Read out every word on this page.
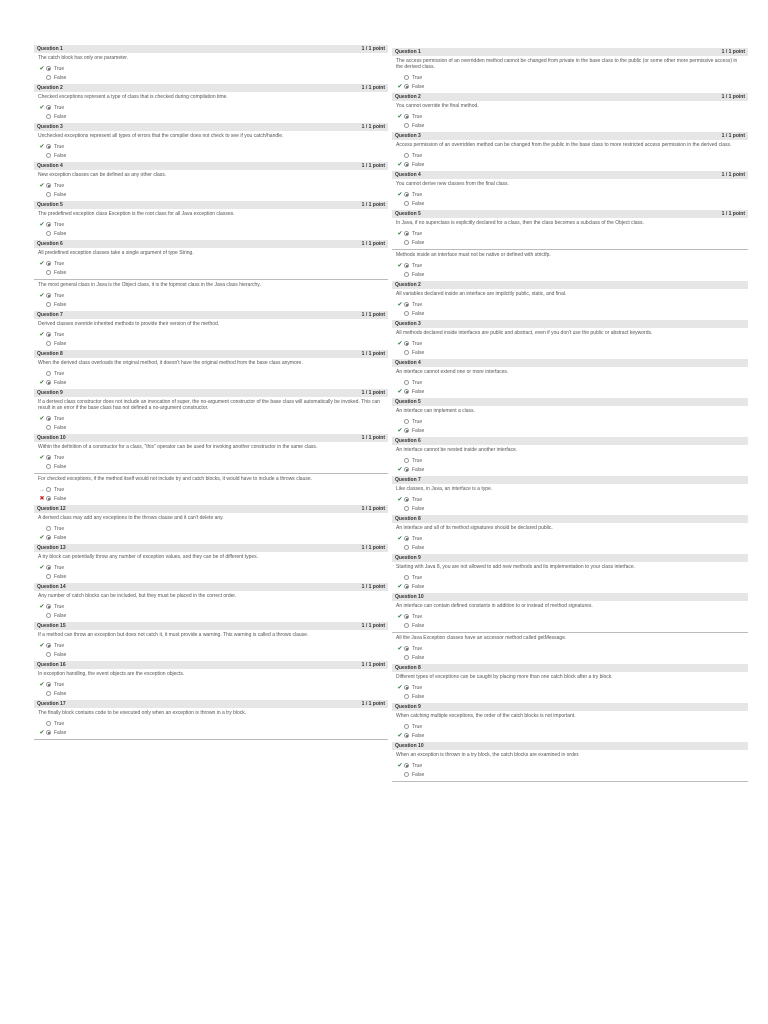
Question 1	1 / 1 point
The catch block has only one parameter.
✔ True
False
Question 2	1 / 1 point
Checked exceptions represent a type of class that is checked during compilation time.
✔ True
False
Question 3	1 / 1 point
Unchecked exceptions represent all types of errors that the compiler does not check to see if you catch/handle.
✔ True
False
Question 4	1 / 1 point
New exception classes can be defined as any other class.
✔ True
False
Question 5	1 / 1 point
The predefined exception class Exception is the root class for all Java exception classes.
✔ True
False
Question 6	1 / 1 point
All predefined exception classes take a single argument of type String.
✔ True
False
The most general class in Java is the Object class, it is the topmost class in the Java class hierarchy.
✔ True
False
Question 7	1 / 1 point
Derived classes override inherited methods to provide their version of the method.
✔ True
False
Question 8	1 / 1 point
When the derived class overloads the original method, it doesn't have the original method from the base class anymore.
True
✔ False
Question 9	1 / 1 point
If a derived class constructor does not include an invocation of super, the no-argument constructor of the base class will automatically be invoked. This can result in an error if the base class has not defined a no-argument constructor.
✔ True
False
Question 10	1 / 1 point
Within the definition of a constructor for a class, "this" operator can be used for invoking another constructor in the same class.
✔ True
False
For checked exceptions, if the method itself would not include try and catch blocks, it would have to include a throws clause.
→ True
✖ False
Question 12	1 / 1 point
A derived class may add any exceptions to the throws clause and it can't delete any.
True
✔ False
Question 13	1 / 1 point
A try block can potentially throw any number of exception values, and they can be of different types.
✔ True
False
Question 14	1 / 1 point
Any number of catch blocks can be included, but they must be placed in the correct order.
✔ True
False
Question 15	1 / 1 point
If a method can throw an exception but does not catch it, it must provide a warning. This warning is called a throws clause.
✔ True
False
Question 16	1 / 1 point
In exception handling, the event objects are the exception objects.
✔ True
False
Question 17	1 / 1 point
The finally block contains code to be executed only when an exception is thrown in a try block.
True
✔ False
Question 1	1 / 1 point
The access permission of an overridden method cannot be changed from private in the base class to the public (or some other more permissive access) in the derived class.
True
✔ False
Question 2	1 / 1 point
You cannot override the final method.
✔ True
False
Question 3	1 / 1 point
Access permission of an overridden method can be changed from the public in the base class to more restricted access permission in the derived class.
True
✔ False
Question 4	1 / 1 point
You cannot derive new classes from the final class.
✔ True
False
Question 5	1 / 1 point
In Java, if no superclass is explicitly declared for a class, then the class becomes a subclass of the Object class.
✔ True
False
Methods inside an interface must not be native or defined with strictfp.
✔ True
False
Question 2
All variables declared inside an interface are implicitly public, static, and final.
✔ True
False
Question 3
All methods declared inside interfaces are public and abstract, even if you don't use the public or abstract keywords.
✔ True
False
Question 4
An interface cannot extend one or more interfaces.
True
✔ False
Question 5
An interface can implement a class.
True
✔ False
Question 6
An interface cannot be nested inside another interface.
True
✔ False
Question 7
Like classes, in Java, an interface is a type.
✔ True
False
Question 8
An interface and all of its method signatures should be declared public.
✔ True
False
Question 9
Starting with Java 8, you are not allowed to add new methods and its implementation to your class interface.
True
✔ False
Question 10
An interface can contain defined constants in addition to or instead of method signatures.
✔ True
False
All the Java Exception classes have an accessor method called getMessage.
✔ True
False
Question 8
Different types of exceptions can be caught by placing more than one catch block after a try block.
✔ True
False
Question 9
When catching multiple exceptions, the order of the catch blocks is not important.
True
✔ False
Question 10
When an exception is thrown in a try block, the catch blocks are examined in order.
✔ True
False
